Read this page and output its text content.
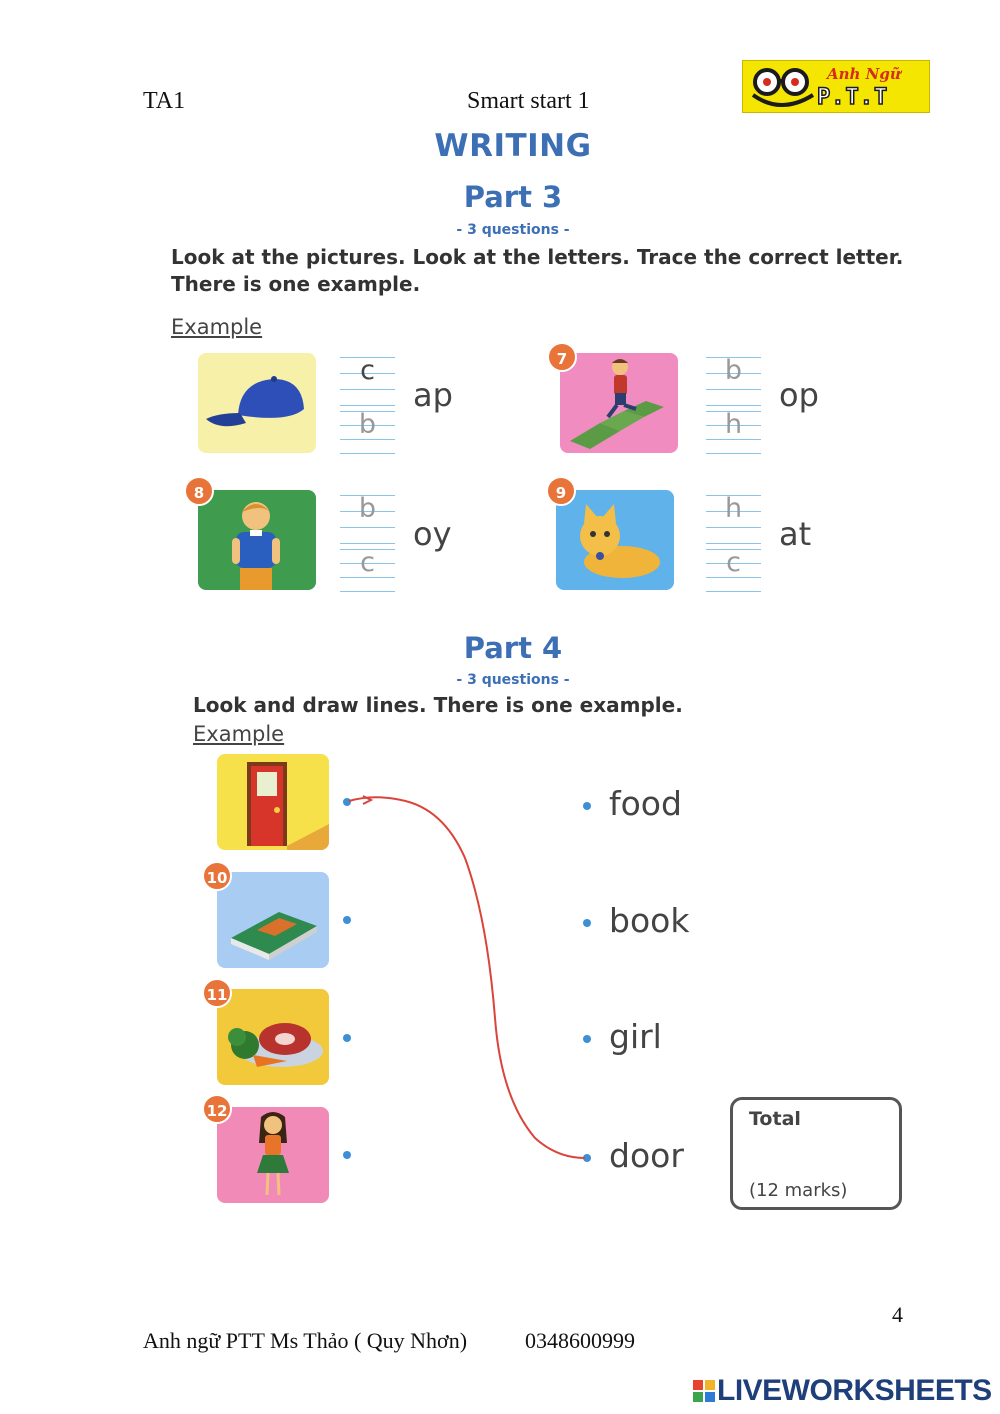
TA1	Smart start 1
Anh Ngữ
P.T.T
WRITING
Part 3
- 3 questions -
Look at the pictures. Look at the letters. Trace the correct letter.
There is one example.
Example
c
b
ap
7	b
h
op
8	b
c
oy
9	h
c
at
Part 4
- 3 questions -
Look and draw lines. There is one example.
Example
10
11
12
food
book
girl
door
Total
(12 marks)
4
Anh ngữ PTT Ms Thảo ( Quy Nhơn)	0348600999
LIVEWORKSHEETS
